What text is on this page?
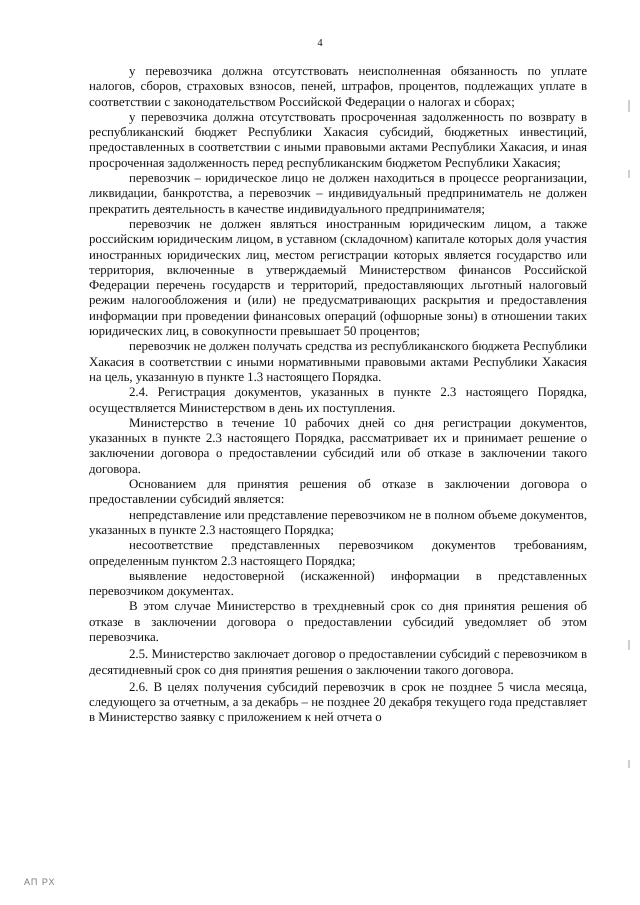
4

у перевозчика должна отсутствовать неисполненная обязанность по уплате налогов, сборов, страховых взносов, пеней, штрафов, процентов, подлежащих уплате в соответствии с законодательством Российской Федерации о налогах и сборах;

у перевозчика должна отсутствовать просроченная задолженность по возврату в республиканский бюджет Республики Хакасия субсидий, бюджетных инвестиций, предоставленных в соответствии с иными правовыми актами Республики Хакасия, и иная просроченная задолженность перед республиканским бюджетом Республики Хакасия;

перевозчик – юридическое лицо не должен находиться в процессе реорганизации, ликвидации, банкротства, а перевозчик – индивидуальный предприниматель не должен прекратить деятельность в качестве индивидуального предпринимателя;

перевозчик не должен являться иностранным юридическим лицом, а также российским юридическим лицом, в уставном (складочном) капитале которых доля участия иностранных юридических лиц, местом регистрации которых является государство или территория, включенные в утверждаемый Министерством финансов Российской Федерации перечень государств и территорий, предоставляющих льготный налоговый режим налогообложения и (или) не предусматривающих раскрытия и предоставления информации при проведении финансовых операций (офшорные зоны) в отношении таких юридических лиц, в совокупности превышает 50 процентов;

перевозчик не должен получать средства из республиканского бюджета Республики Хакасия в соответствии с иными нормативными правовыми актами Республики Хакасия на цель, указанную в пункте 1.3 настоящего Порядка.

2.4. Регистрация документов, указанных в пункте 2.3 настоящего Порядка, осуществляется Министерством в день их поступления.

Министерство в течение 10 рабочих дней со дня регистрации документов, указанных в пункте 2.3 настоящего Порядка, рассматривает их и принимает решение о заключении договора о предоставлении субсидий или об отказе в заключении такого договора.

Основанием для принятия решения об отказе в заключении договора о предоставлении субсидий является:

непредставление или представление перевозчиком не в полном объеме документов, указанных в пункте 2.3 настоящего Порядка;

несоответствие представленных перевозчиком документов требованиям, определенным пунктом 2.3 настоящего Порядка;

выявление недостоверной (искаженной) информации в представленных перевозчиком документах.

В этом случае Министерство в трехдневный срок со дня принятия решения об отказе в заключении договора о предоставлении субсидий уведомляет об этом перевозчика.

2.5. Министерство заключает договор о предоставлении субсидий с перевозчиком в десятидневный срок со дня принятия решения о заключении такого договора.

2.6. В целях получения субсидий перевозчик в срок не позднее 5 числа месяца, следующего за отчетным, а за декабрь – не позднее 20 декабря текущего года представляет в Министерство заявку с приложением к ней отчета о

АП РХ
